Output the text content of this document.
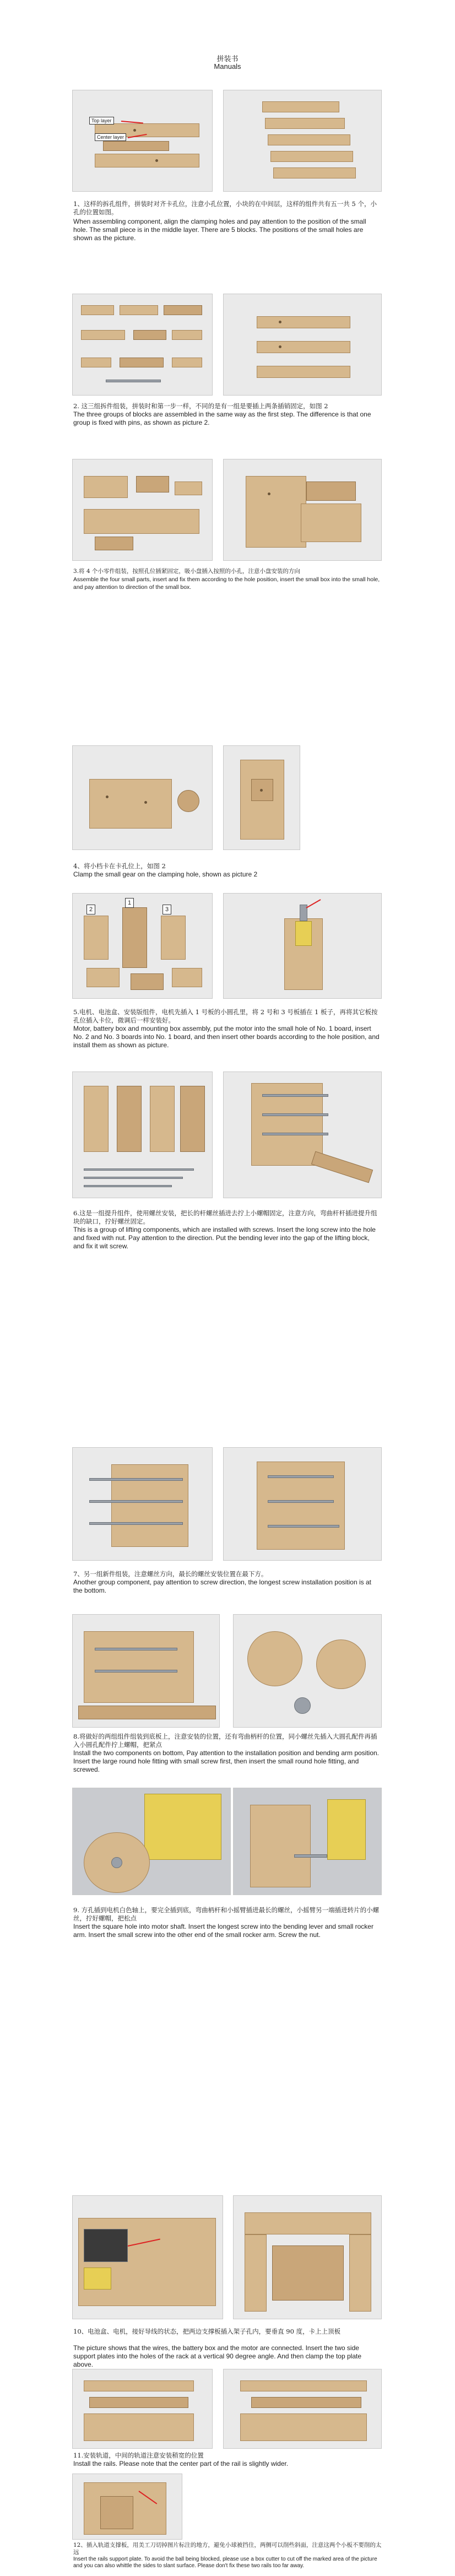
拼装书
Manuals
Top layer
Center layer
1、这样的拆孔组件，拼装时对齐卡孔位，注意小孔位置，小块的在中间层，这样的组件共有五一共 5 个，小孔的位置如图。
When assembling component, align the clamping holes and pay attention to the position of the small hole. The small piece is in the middle layer. There are 5 blocks. The positions of the small holes are shown as the picture.
2. 这三组拆件组装，拼装时和第一步一样，不同的是有一组是要插上两条插销固定，如图 2
The three groups of blocks are assembled in the same way as the first step. The difference is that one group is fixed with pins, as shown as picture 2.
3.将 4 个小零件组装，按照孔位插紧固定，吸小盘插入按照的小孔，注意小盘安装的方向
Assemble the four small parts, insert and fix them according to the hole position, insert the small box into the small hole, and pay attention to direction of the small box.
4、将小档卡在卡孔位上，如图 2
Clamp the small gear on the clamping hole, shown as picture 2
1
2	3
5.电机、电池盒、安装版组件，电机先插入 1 号板的小圆孔里，将 2 号和 3 号板插在 1 板子，再将其它板按孔位插入卡位，微调后一样安装好。
Motor, battery box and mounting box assembly, put the motor into the small hole of No. 1 board, insert No. 2 and No. 3 boards into No. 1 board, and then insert other boards according to the hole position, and install them as shown as picture.
6.这是一组提升组件，使用螺丝安装，把长的杆螺丝插进去拧上小螺帽固定，注意方向，弯曲杆杆插进提升组块的缺口，拧好螺丝固定。
This is a group of lifting components, which are installed with screws. Insert the long screw into the hole and fixed with nut. Pay attention to the direction. Put the bending lever into the gap of the lifting block, and fix it wit screw.
7、另一组新件组装，注意螺丝方向，最长的螺丝安装位置在最下方。
Another group component, pay attention to screw direction, the longest screw installation position is at the bottom.
8.将做好的两组组件组装到底板上，注意安装的位置，还有弯曲柄杆的位置，同小螺丝先插入大圆孔配件再插入小圆孔配件拧上螺帽，把紧点
Install the two components on bottom, Pay attention to the installation position and bending arm position. Insert the large round hole fitting with small screw first, then insert the small round hole fitting, and screwed.
9. 方孔插到电机白色轴上，要完全插到底，弯曲柄杆和小摇臂插进最长的螺丝，小摇臂另一端插进转片的小螺丝，拧好螺帽，把松点
Insert the square hole into motor shaft. Insert the longest screw into the bending lever and small rocker arm. Insert the small screw into the other end of the small rocker arm. Screw the nut.
10、电池盒、电机，接好导线的状态，把两边支撑板插入架子孔内，要垂直 90 度，卡上上顶板
The picture shows that the wires, the battery box and the motor are connected. Insert the two side support plates into the holes of the rack at a vertical 90 degree angle. And then clamp the top plate above.
11.安装轨道，中间的轨道注意安装稍宽的位置
Install the rails. Please note that the center part of the rail is slightly wider.
12、插入轨道支撑板，用美工刀切掉图片标注的地方，避免小球被挡住，两侧可以削些斜面，注意这两个小板不要削的太远
Insert the rails support plate. To avoid the ball being blocked, please use a box cutter to cut off the marked area of the picture and you can also whittle the sides to slant surface. Please don't fix these two rails too far away.
